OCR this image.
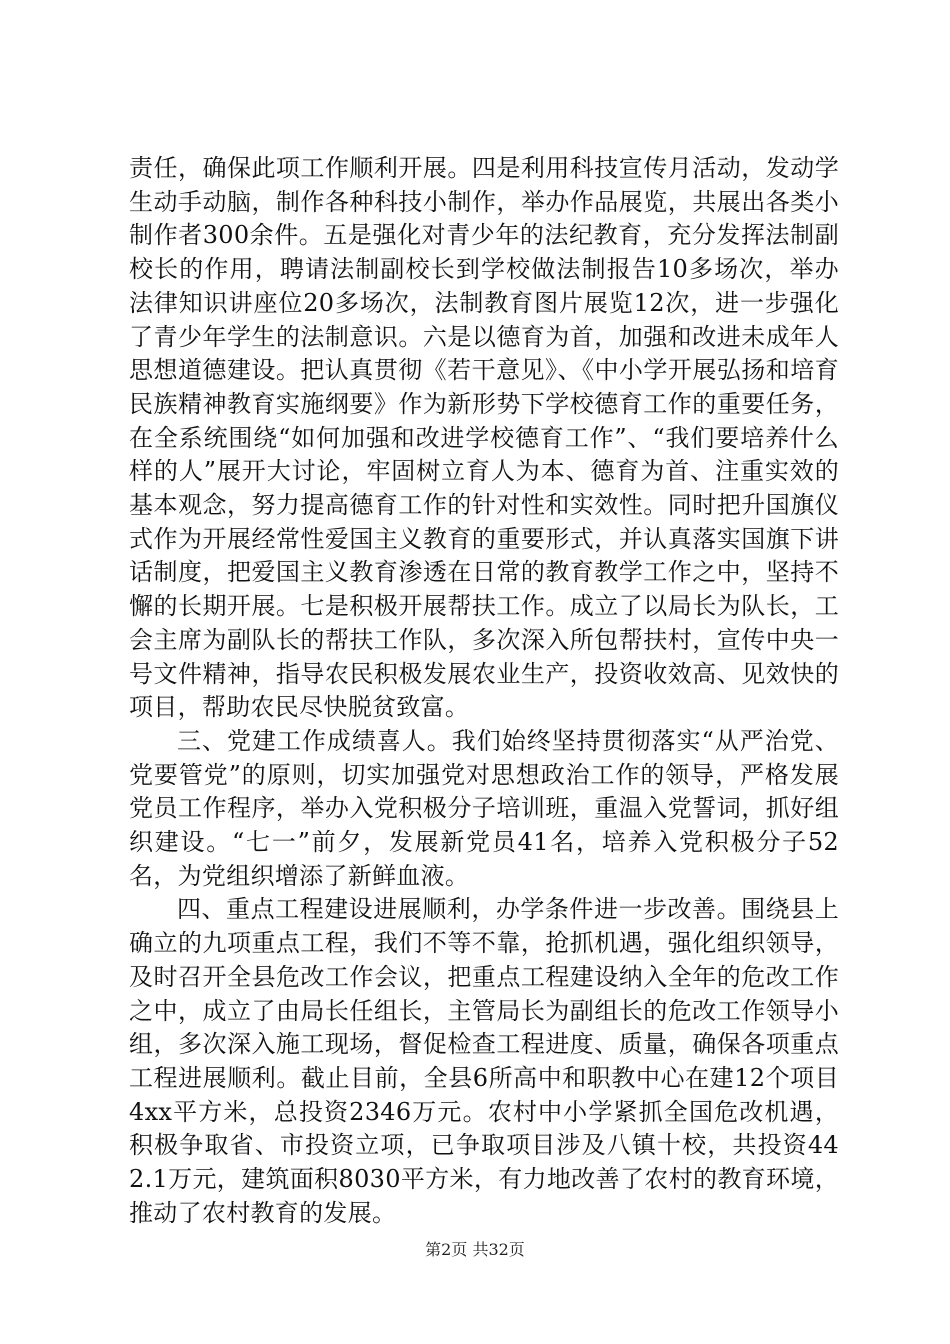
责任，确保此项工作顺利开展。四是利用科技宣传月活动，发动学生动手动脑，制作各种科技小制作，举办作品展览，共展出各类小制作者300余件。五是强化对青少年的法纪教育，充分发挥法制副校长的作用，聘请法制副校长到学校做法制报告10多场次，举办法律知识讲座位20多场次，法制教育图片展览12次，进一步强化了青少年学生的法制意识。六是以德育为首，加强和改进未成年人思想道德建设。把认真贯彻《若干意见》、《中小学开展弘扬和培育民族精神教育实施纲要》作为新形势下学校德育工作的重要任务，在全系统围绕“如何加强和改进学校德育工作”、“我们要培养什么样的人”展开大讨论，牢固树立育人为本、德育为首、注重实效的基本观念，努力提高德育工作的针对性和实效性。同时把升国旗仪式作为开展经常性爱国主义教育的重要形式，并认真落实国旗下讲话制度，把爱国主义教育渗透在日常的教育教学工作之中，坚持不懈的长期开展。七是积极开展帮扶工作。成立了以局长为队长，工会主席为副队长的帮扶工作队，多次深入所包帮扶村，宣传中央一号文件精神，指导农民积极发展农业生产，投资收效高、见效快的项目，帮助农民尽快脱贫致富。

三、党建工作成绩喜人。我们始终坚持贯彻落实“从严治党、党要管党”的原则，切实加强党对思想政治工作的领导，严格发展党员工作程序，举办入党积极分子培训班，重温入党誓词，抓好组织建设。“七一”前夕，发展新党员41名，培养入党积极分子52名，为党组织增添了新鲜血液。

四、重点工程建设进展顺利，办学条件进一步改善。围绕县上确立的九项重点工程，我们不等不靠，抢抓机遇，强化组织领导，及时召开全县危改工作会议，把重点工程建设纳入全年的危改工作之中，成立了由局长任组长，主管局长为副组长的危改工作领导小组，多次深入施工现场，督促检查工程进度、质量，确保各项重点工程进展顺利。截止目前，全县6所高中和职教中心在建12个项目4xx平方米，总投资2346万元。农村中小学紧抓全国危改机遇，积极争取省、市投资立项，已争取项目涉及八镇十校，共投资442.1万元，建筑面积8030平方米，有力地改善了农村的教育环境，推动了农村教育的发展。

第2页 共32页
